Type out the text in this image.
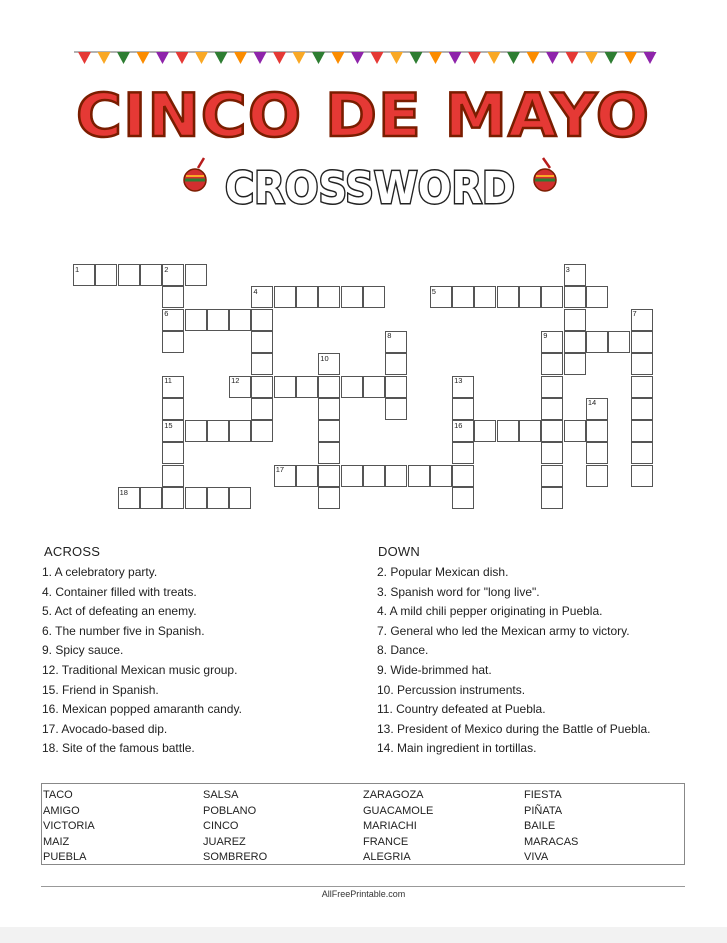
CINCO DE MAYO
CROSSWORD
1	2	3
4	5
6	7
8	9
10
11	12	13
14
15	16
17
18
ACROSS
1. A celebratory party.
4. Container filled with treats.
5. Act of defeating an enemy.
6. The number five in Spanish.
9. Spicy sauce.
12. Traditional Mexican music group.
15. Friend in Spanish.
16. Mexican popped amaranth candy.
17. Avocado-based dip.
18. Site of the famous battle.
DOWN
2. Popular Mexican dish.
3. Spanish word for "long live".
4. A mild chili pepper originating in Puebla.
7. General who led the Mexican army to victory.
8. Dance.
9. Wide-brimmed hat.
10. Percussion instruments.
11. Country defeated at Puebla.
13. President of Mexico during the Battle of Puebla.
14. Main ingredient in tortillas.
TACO
AMIGO
VICTORIA
MAIZ
PUEBLA
SALSA
POBLANO
CINCO
JUAREZ
SOMBRERO
ZARAGOZA
GUACAMOLE
MARIACHI
FRANCE
ALEGRIA
FIESTA
PIÑATA
BAILE
MARACAS
VIVA
AllFreePrintable.com
